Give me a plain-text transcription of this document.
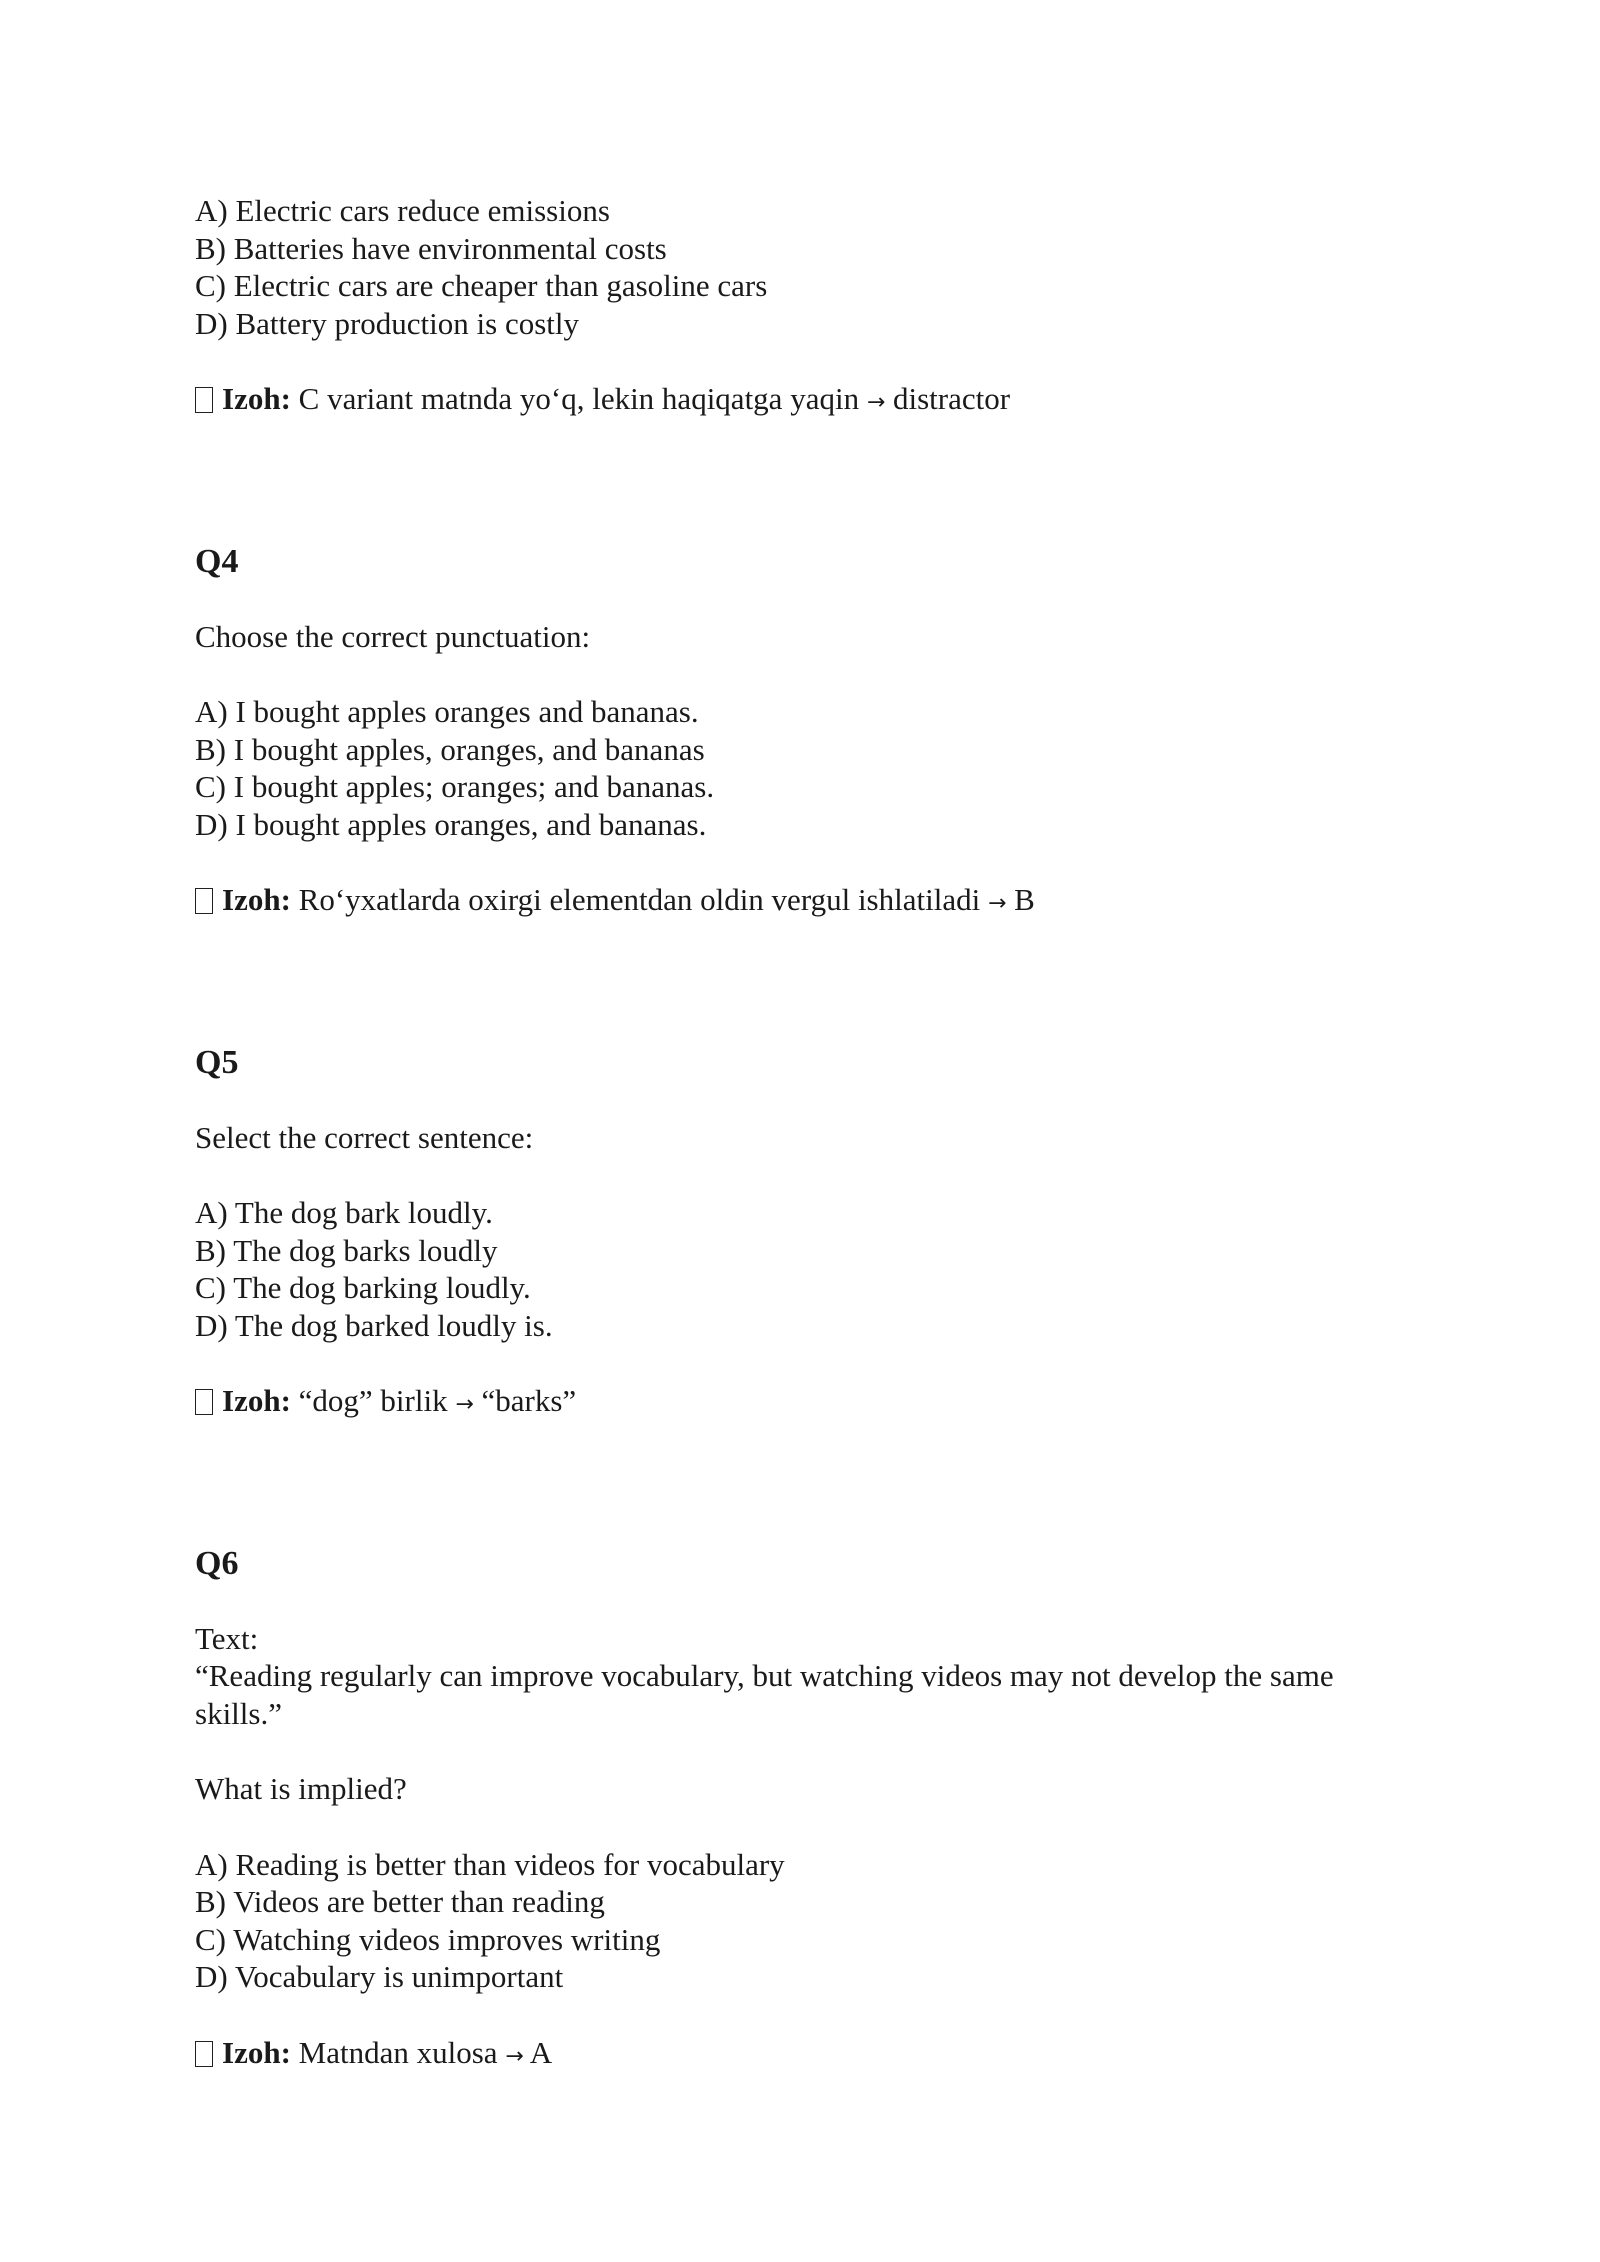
A) Electric cars reduce emissions
B) Batteries have environmental costs
C) Electric cars are cheaper than gasoline cars
D) Battery production is costly
Izoh: C variant matnda yo‘q, lekin haqiqatga yaqin → distractor
Q4
Choose the correct punctuation:
A) I bought apples oranges and bananas.
B) I bought apples, oranges, and bananas
C) I bought apples; oranges; and bananas.
D) I bought apples oranges, and bananas.
Izoh: Ro‘yxatlarda oxirgi elementdan oldin vergul ishlatiladi → B
Q5
Select the correct sentence:
A) The dog bark loudly.
B) The dog barks loudly
C) The dog barking loudly.
D) The dog barked loudly is.
Izoh: “dog” birlik → “barks”
Q6
Text:
“Reading regularly can improve vocabulary, but watching videos may not develop the same
skills.”
What is implied?
A) Reading is better than videos for vocabulary
B) Videos are better than reading
C) Watching videos improves writing
D) Vocabulary is unimportant
Izoh: Matndan xulosa → A
